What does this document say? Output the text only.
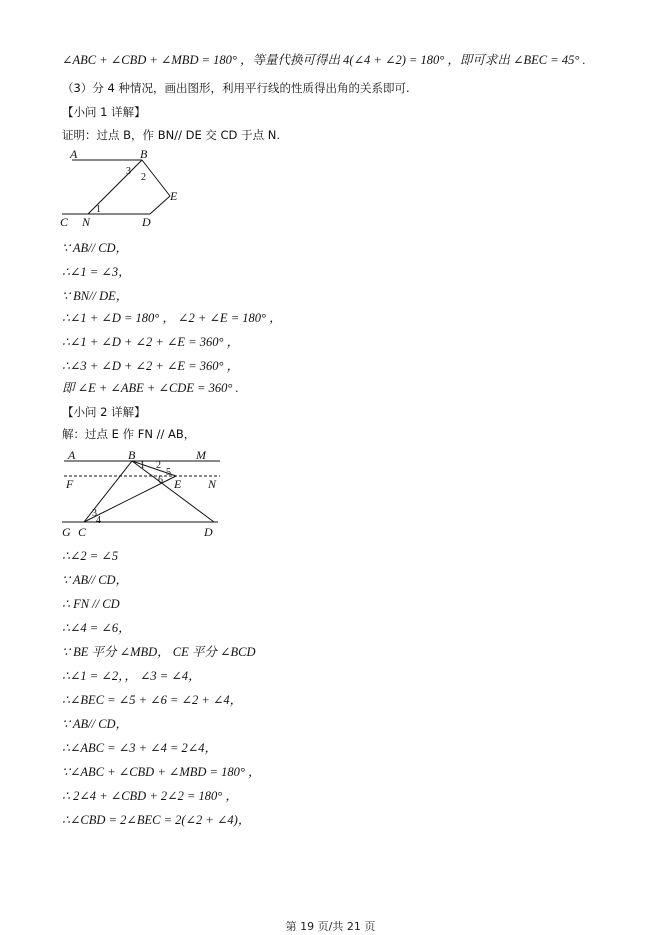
∠ABC + ∠CBD + ∠MBD = 180° ，等量代换可得出 4(∠4 + ∠2) = 180° ，即可求出 ∠BEC = 45° .
（3）分 4 种情况，画出图形，利用平行线的性质得出角的关系即可.
【小问 1 详解】
证明：过点 B，作 BN// DE 交 CD 于点 N.
A	B
C N	D
E
1
2
3
∵ AB// CD，
∴∠1 = ∠3，
∵ BN// DE，
∴∠1 + ∠D = 180° ， ∠2 + ∠E = 180° ，
∴∠1 + ∠D + ∠2 + ∠E = 360° ，
∴∠3 + ∠D + ∠2 + ∠E = 360° ，
即 ∠E + ∠ABE + ∠CDE = 360° .
【小问 2 详解】
解：过点 E 作 FN // AB，
A	B	M
F	E N
G C	D
1 2
3
4
5
6
∴∠2 = ∠5
∵ AB// CD，
∴ FN // CD
∴∠4 = ∠6，
∵ BE 平分 ∠MBD， CE 平分 ∠BCD
∴∠1 = ∠2，， ∠3 = ∠4，
∴∠BEC = ∠5 + ∠6 = ∠2 + ∠4，
∵ AB// CD，
∴∠ABC = ∠3 + ∠4 = 2∠4，
∵∠ABC + ∠CBD + ∠MBD = 180° ，
∴ 2∠4 + ∠CBD + 2∠2 = 180° ，
∴∠CBD = 2∠BEC = 2(∠2 + ∠4)，
第 19 页/共 21 页
